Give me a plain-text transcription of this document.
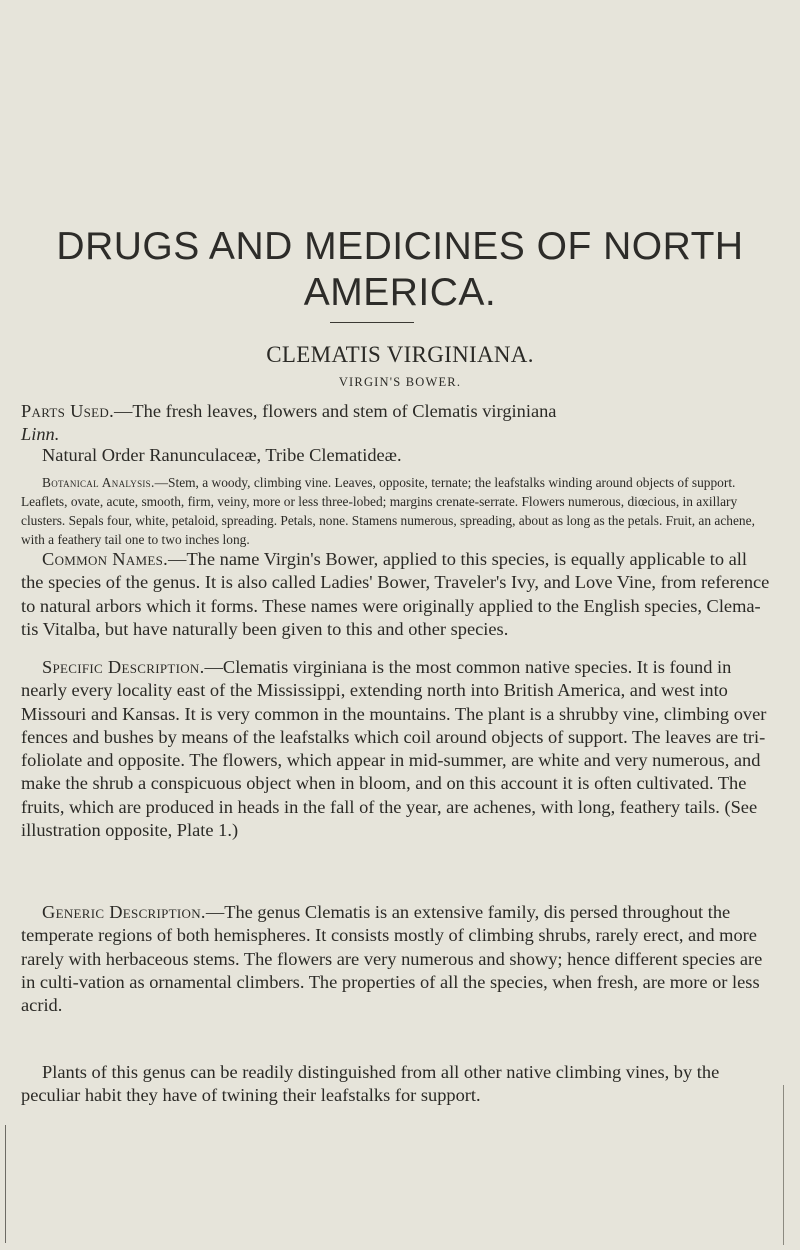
DRUGS AND MEDICINES OF NORTH
AMERICA.
CLEMATIS VIRGINIANA.
VIRGIN'S BOWER.

Parts Used.—The fresh leaves, flowers and stem of Clematis virginiana
Linn.

Natural Order Ranunculaceæ, Tribe Clematideæ.

Botanical Analysis.—Stem, a woody, climbing vine. Leaves, opposite, ternate; the leafstalks winding around objects of support. Leaflets, ovate, acute, smooth, firm, veiny, more or less three-lobed; margins crenate-serrate. Flowers numerous, diœcious, in axillary clusters. Sepals four, white, petaloid, spreading. Petals, none. Stamens numerous, spreading, about as long as the petals. Fruit, an achene, with a feathery tail one to two inches long.

Common Names.—The name Virgin's Bower, applied to this species, is equally applicable to all the species of the genus. It is also called Ladies' Bower, Traveler's Ivy, and Love Vine, from reference to natural arbors which it forms. These names were originally applied to the English species, Clema-tis Vitalba, but have naturally been given to this and other species.

Specific Description.—Clematis virginiana is the most common native species. It is found in nearly every locality east of the Mississippi, extending north into British America, and west into Missouri and Kansas. It is very common in the mountains. The plant is a shrubby vine, climbing over fences and bushes by means of the leafstalks which coil around objects of support. The leaves are tri-foliolate and opposite. The flowers, which appear in mid-summer, are white and very numerous, and make the shrub a conspicuous object when in bloom, and on this account it is often cultivated. The fruits, which are produced in heads in the fall of the year, are achenes, with long, feathery tails. (See illustration opposite, Plate 1.)

Generic Description.—The genus Clematis is an extensive family, dis persed throughout the temperate regions of both hemispheres. It consists mostly of climbing shrubs, rarely erect, and more rarely with herbaceous stems. The flowers are very numerous and showy; hence different species are in culti-vation as ornamental climbers. The properties of all the species, when fresh, are more or less acrid.

Plants of this genus can be readily distinguished from all other native climbing vines, by the peculiar habit they have of twining their leafstalks for support.
